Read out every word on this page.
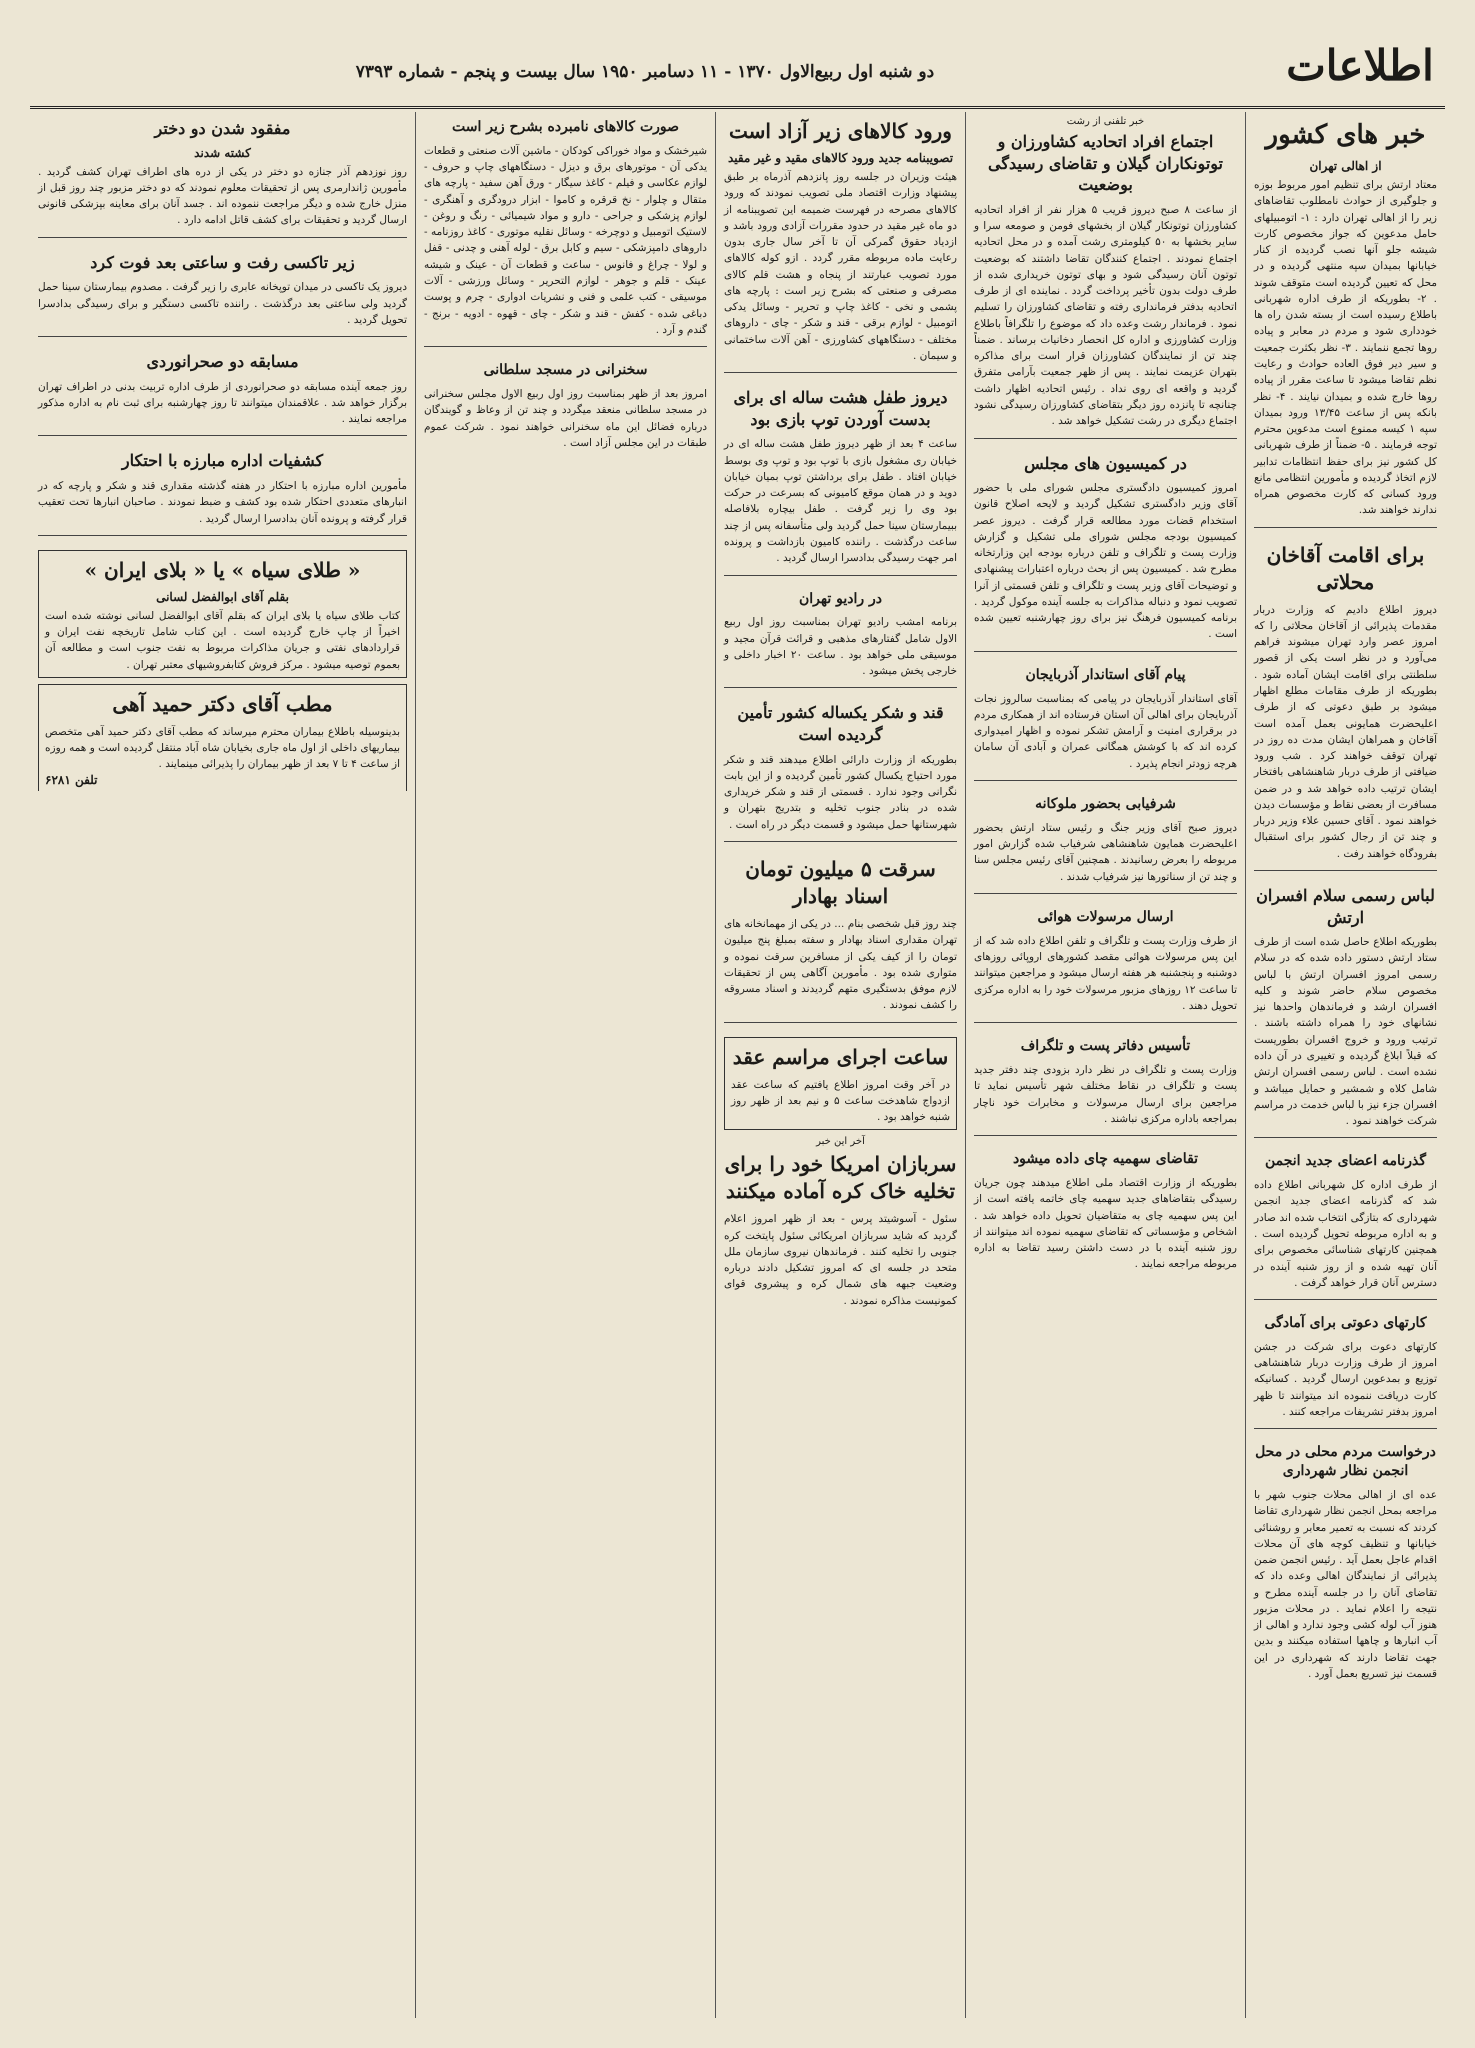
اطلاعات
دو شنبه اول ربیع‌الاول ۱۳۷۰ - ۱۱ دسامبر ۱۹۵۰ سال بیست و پنجم - شماره ۷۳۹۳
خبر های کشور
از اهالی تهران
معتاد ارتش برای تنظیم امور مربوط بوزه و جلوگیری از حوادث نامطلوب تقاضاهای زیر را از اهالی تهران دارد : ۱- اتومبیلهای حامل مدعوین که جواز مخصوص کارت شیشه جلو آنها نصب گردیده از کنار خیابانها بمیدان سپه منتهی گردیده و در محل که تعیین گردیده است متوقف شوند . ۲- بطوریکه از طرف اداره شهربانی باطلاع رسیده است از بسته شدن راه ها خودداری شود و مردم در معابر و پیاده روها تجمع ننمایند . ۳- نظر بکثرت جمعیت و سیر دیر فوق العاده حوادث و رعایت نظم تقاضا میشود تا ساعت مقرر از پیاده روها خارج شده و بمیدان نیایند . ۴- نظر بانکه پس از ساعت ۱۳/۴۵ ورود بمیدان سپه ۱ کیسه ممنوع است مدعوین محترم توجه فرمایند . ۵- ضمناً از طرف شهربانی کل کشور نیز برای حفظ انتظامات تدابیر لازم اتخاذ گردیده و مأمورین انتظامی مانع ورود کسانی که کارت مخصوص همراه ندارند خواهند شد.
برای اقامت آقاخان محلاتی
دیروز اطلاع دادیم که وزارت دربار مقدمات پذیرائی از آقاخان محلاتی را که امروز عصر وارد تهران میشوند فراهم می‌آورد و در نظر است یکی از قصور سلطنتی برای اقامت ایشان آماده شود . بطوریکه از طرف مقامات مطلع اظهار میشود بر طبق دعوتی که از طرف اعلیحضرت همایونی بعمل آمده است آقاخان و همراهان ایشان مدت ده روز در تهران توقف خواهند کرد . شب ورود ضیافتی از طرف دربار شاهنشاهی بافتخار ایشان ترتیب داده خواهد شد و در ضمن مسافرت از بعضی نقاط و مؤسسات دیدن خواهند نمود . آقای حسین علاء وزیر دربار و چند تن از رجال کشور برای استقبال بفرودگاه خواهند رفت .
لباس رسمی سلام افسران ارتش
بطوریکه اطلاع حاصل شده است از طرف ستاد ارتش دستور داده شده که در سلام رسمی امروز افسران ارتش با لباس مخصوص سلام حاضر شوند و کلیه افسران ارشد و فرماندهان واحدها نیز نشانهای خود را همراه داشته باشند . ترتیب ورود و خروج افسران بطوریست که قبلاً ابلاغ گردیده و تغییری در آن داده نشده است . لباس رسمی افسران ارتش شامل کلاه و شمشیر و حمایل میباشد و افسران جزء نیز با لباس خدمت در مراسم شرکت خواهند نمود .
گذرنامه اعضای جدید انجمن
از طرف اداره کل شهربانی اطلاع داده شد که گذرنامه اعضای جدید انجمن شهرداری که بتازگی انتخاب شده اند صادر و به اداره مربوطه تحویل گردیده است . همچنین کارتهای شناسائی مخصوص برای آنان تهیه شده و از روز شنبه آینده در دسترس آنان قرار خواهد گرفت .
کارتهای دعوتی برای آمادگی
کارتهای دعوت برای شرکت در جشن امروز از طرف وزارت دربار شاهنشاهی توزیع و بمدعوین ارسال گردید . کسانیکه کارت دریافت ننموده اند میتوانند تا ظهر امروز بدفتر تشریفات مراجعه کنند .
درخواست مردم محلی در محل انجمن نظار شهرداری
عده ای از اهالی محلات جنوب شهر با مراجعه بمحل انجمن نظار شهرداری تقاضا کردند که نسبت به تعمیر معابر و روشنائی خیابانها و تنظیف کوچه های آن محلات اقدام عاجل بعمل آید . رئیس انجمن ضمن پذیرائی از نمایندگان اهالی وعده داد که تقاضای آنان را در جلسه آینده مطرح و نتیجه را اعلام نماید . در محلات مزبور هنوز آب لوله کشی وجود ندارد و اهالی از آب انبارها و چاهها استفاده میکنند و بدین جهت تقاضا دارند که شهرداری در این قسمت نیز تسریع بعمل آورد .
خبر تلفنی از رشت
اجتماع افراد اتحادیه کشاورزان و توتونکاران گیلان و تقاضای رسیدگی بوضعیت
از ساعت ۸ صبح دیروز قریب ۵ هزار نفر از افراد اتحادیه کشاورزان توتونکار گیلان از بخشهای فومن و صومعه سرا و سایر بخشها به ۵۰ کیلومتری رشت آمده و در محل اتحادیه اجتماع نمودند . اجتماع کنندگان تقاضا داشتند که بوضعیت توتون آنان رسیدگی شود و بهای توتون خریداری شده از طرف دولت بدون تأخیر پرداخت گردد . نماینده ای از طرف اتحادیه بدفتر فرمانداری رفته و تقاضای کشاورزان را تسلیم نمود . فرماندار رشت وعده داد که موضوع را تلگرافاً باطلاع وزارت کشاورزی و اداره کل انحصار دخانیات برساند . ضمناً چند تن از نمایندگان کشاورزان قرار است برای مذاکره بتهران عزیمت نمایند . پس از ظهر جمعیت بآرامی متفرق گردید و واقعه ای روی نداد . رئیس اتحادیه اظهار داشت چنانچه تا پانزده روز دیگر بتقاضای کشاورزان رسیدگی نشود اجتماع دیگری در رشت تشکیل خواهد شد .
در کمیسیون های مجلس
امروز کمیسیون دادگستری مجلس شورای ملی با حضور آقای وزیر دادگستری تشکیل گردید و لایحه اصلاح قانون استخدام قضات مورد مطالعه قرار گرفت . دیروز عصر کمیسیون بودجه مجلس شورای ملی تشکیل و گزارش وزارت پست و تلگراف و تلفن درباره بودجه این وزارتخانه مطرح شد . کمیسیون پس از بحث درباره اعتبارات پیشنهادی و توضیحات آقای وزیر پست و تلگراف و تلفن قسمتی از آنرا تصویب نمود و دنباله مذاکرات به جلسه آینده موکول گردید . برنامه کمیسیون فرهنگ نیز برای روز چهارشنبه تعیین شده است .
پیام آقای استاندار آذربایجان
آقای استاندار آذربایجان در پیامی که بمناسبت سالروز نجات آذربایجان برای اهالی آن استان فرستاده اند از همکاری مردم در برقراری امنیت و آرامش تشکر نموده و اظهار امیدواری کرده اند که با کوشش همگانی عمران و آبادی آن سامان هرچه زودتر انجام پذیرد .
شرفیابی بحضور ملوکانه
دیروز صبح آقای وزیر جنگ و رئیس ستاد ارتش بحضور اعلیحضرت همایون شاهنشاهی شرفیاب شده گزارش امور مربوطه را بعرض رسانیدند . همچنین آقای رئیس مجلس سنا و چند تن از سناتورها نیز شرفیاب شدند .
ارسال مرسولات هوائی
از طرف وزارت پست و تلگراف و تلفن اطلاع داده شد که از این پس مرسولات هوائی مقصد کشورهای اروپائی روزهای دوشنبه و پنجشنبه هر هفته ارسال میشود و مراجعین میتوانند تا ساعت ۱۲ روزهای مزبور مرسولات خود را به اداره مرکزی تحویل دهند .
تأسیس دفاتر پست و تلگراف
وزارت پست و تلگراف در نظر دارد بزودی چند دفتر جدید پست و تلگراف در نقاط مختلف شهر تأسیس نماید تا مراجعین برای ارسال مرسولات و مخابرات خود ناچار بمراجعه باداره مرکزی نباشند .
تقاضای سهمیه چای داده میشود
بطوریکه از وزارت اقتصاد ملی اطلاع میدهند چون جریان رسیدگی بتقاضاهای جدید سهمیه چای خاتمه یافته است از این پس سهمیه چای به متقاضیان تحویل داده خواهد شد . اشخاص و مؤسساتی که تقاضای سهمیه نموده اند میتوانند از روز شنبه آینده با در دست داشتن رسید تقاضا به اداره مربوطه مراجعه نمایند .
ورود کالاهای زیر آزاد است
تصویبنامه جدید ورود کالاهای مقید و غیر مقید
هیئت وزیران در جلسه روز پانزدهم آذرماه بر طبق پیشنهاد وزارت اقتصاد ملی تصویب نمودند که ورود کالاهای مصرحه در فهرست ضمیمه این تصویبنامه از دو ماه غیر مقید در حدود مقررات آزادی ورود باشد و ازدیاد حقوق گمرکی آن تا آخر سال جاری بدون رعایت ماده مربوطه مقرر گردد . ازو کوله کالاهای مورد تصویب عبارتند از پنجاه و هشت قلم کالای مصرفی و صنعتی که بشرح زیر است : پارچه های پشمی و نخی - کاغذ چاپ و تحریر - وسائل یدکی اتومبیل - لوازم برقی - قند و شکر - چای - داروهای مختلف - دستگاههای کشاورزی - آهن آلات ساختمانی و سیمان .
دیروز طفل هشت ساله ای برای بدست آوردن توپ بازی بود
ساعت ۴ بعد از ظهر دیروز طفل هشت ساله ای در خیابان ری مشغول بازی با توپ بود و توپ وی بوسط خیابان افتاد . طفل برای برداشتن توپ بمیان خیابان دوید و در همان موقع کامیونی که بسرعت در حرکت بود وی را زیر گرفت . طفل بیچاره بلافاصله ببیمارستان سینا حمل گردید ولی متأسفانه پس از چند ساعت درگذشت . راننده کامیون بازداشت و پرونده امر جهت رسیدگی بدادسرا ارسال گردید .
در رادیو تهران
برنامه امشب رادیو تهران بمناسبت روز اول ربیع الاول شامل گفتارهای مذهبی و قرائت قرآن مجید و موسیقی ملی خواهد بود . ساعت ۲۰ اخبار داخلی و خارجی پخش میشود .
قند و شکر یکساله کشور تأمین گردیده است
بطوریکه از وزارت دارائی اطلاع میدهند قند و شکر مورد احتیاج یکسال کشور تأمین گردیده و از این بابت نگرانی وجود ندارد . قسمتی از قند و شکر خریداری شده در بنادر جنوب تخلیه و بتدریج بتهران و شهرستانها حمل میشود و قسمت دیگر در راه است .
سرقت ۵ میلیون تومان اسناد بهادار
چند روز قبل شخصی بنام ... در یکی از مهمانخانه های تهران مقداری اسناد بهادار و سفته بمبلغ پنج میلیون تومان را از کیف یکی از مسافرین سرقت نموده و متواری شده بود . مأمورین آگاهی پس از تحقیقات لازم موفق بدستگیری متهم گردیدند و اسناد مسروقه را کشف نمودند .
ساعت اجرای مراسم عقد
در آخر وقت امروز اطلاع یافتیم که ساعت عقد ازدواج شاهدخت ساعت ۵ و نیم بعد از ظهر روز شنبه خواهد بود .
آخر این خبر
سربازان امریکا خود را برای تخلیه خاک کره آماده میکنند
سئول - آسوشیتد پرس - بعد از ظهر امروز اعلام گردید که شاید سربازان امریکائی سئول پایتخت کره جنوبی را تخلیه کنند . فرماندهان نیروی سازمان ملل متحد در جلسه ای که امروز تشکیل دادند درباره وضعیت جبهه های شمال کره و پیشروی قوای کمونیست مذاکره نمودند .
صورت کالاهای نامبرده بشرح زیر است
شیرخشک و مواد خوراکی کودکان - ماشین آلات صنعتی و قطعات یدکی آن - موتورهای برق و دیزل - دستگاههای چاپ و حروف - لوازم عکاسی و فیلم - کاغذ سیگار - ورق آهن سفید - پارچه های متقال و چلوار - نخ قرقره و کاموا - ابزار درودگری و آهنگری - لوازم پزشکی و جراحی - دارو و مواد شیمیائی - رنگ و روغن - لاستیک اتومبیل و دوچرخه - وسائل نقلیه موتوری - کاغذ روزنامه - داروهای دامپزشکی - سیم و کابل برق - لوله آهنی و چدنی - قفل و لولا - چراغ و فانوس - ساعت و قطعات آن - عینک و شیشه عینک - قلم و جوهر - لوازم التحریر - وسائل ورزشی - آلات موسیقی - کتب علمی و فنی و نشریات ادواری - چرم و پوست دباغی شده - کفش - قند و شکر - چای - قهوه - ادویه - برنج - گندم و آرد .
سخنرانی در مسجد سلطانی
امروز بعد از ظهر بمناسبت روز اول ربیع الاول مجلس سخنرانی در مسجد سلطانی منعقد میگردد و چند تن از وعاظ و گویندگان درباره فضائل این ماه سخنرانی خواهند نمود . شرکت عموم طبقات در این مجلس آزاد است .
مفقود شدن دو دختر
کشته شدند
روز نوزدهم آذر جنازه دو دختر در یکی از دره های اطراف تهران کشف گردید . مأمورین ژاندارمری پس از تحقیقات معلوم نمودند که دو دختر مزبور چند روز قبل از منزل خارج شده و دیگر مراجعت ننموده اند . جسد آنان برای معاینه بپزشکی قانونی ارسال گردید و تحقیقات برای کشف قاتل ادامه دارد .
زیر تاکسی رفت و ساعتی بعد فوت کرد
دیروز یک تاکسی در میدان توپخانه عابری را زیر گرفت . مصدوم بیمارستان سینا حمل گردید ولی ساعتی بعد درگذشت . راننده تاکسی دستگیر و برای رسیدگی بدادسرا تحویل گردید .
مسابقه دو صحرانوردی
روز جمعه آینده مسابقه دو صحرانوردی از طرف اداره تربیت بدنی در اطراف تهران برگزار خواهد شد . علاقمندان میتوانند تا روز چهارشنبه برای ثبت نام به اداره مذکور مراجعه نمایند .
کشفیات اداره مبارزه با احتکار
مأمورین اداره مبارزه با احتکار در هفته گذشته مقداری قند و شکر و پارچه که در انبارهای متعددی احتکار شده بود کشف و ضبط نمودند . صاحبان انبارها تحت تعقیب قرار گرفته و پرونده آنان بدادسرا ارسال گردید .
« طلای سیاه » یا « بلای ایران »
بقلم آقای ابوالفضل لسانی
کتاب طلای سیاه یا بلای ایران که بقلم آقای ابوالفضل لسانی نوشته شده است اخیراً از چاپ خارج گردیده است . این کتاب شامل تاریخچه نفت ایران و قراردادهای نفتی و جریان مذاکرات مربوط به نفت جنوب است و مطالعه آن بعموم توصیه میشود . مرکز فروش کتابفروشیهای معتبر تهران .
مطب آقای دکتر حمید آهی
بدینوسیله باطلاع بیماران محترم میرساند که مطب آقای دکتر حمید آهی متخصص بیماریهای داخلی از اول ماه جاری بخیابان شاه آباد منتقل گردیده است و همه روزه از ساعت ۴ تا ۷ بعد از ظهر بیماران را پذیرائی مینمایند .
تلفن ۶۲۸۱
